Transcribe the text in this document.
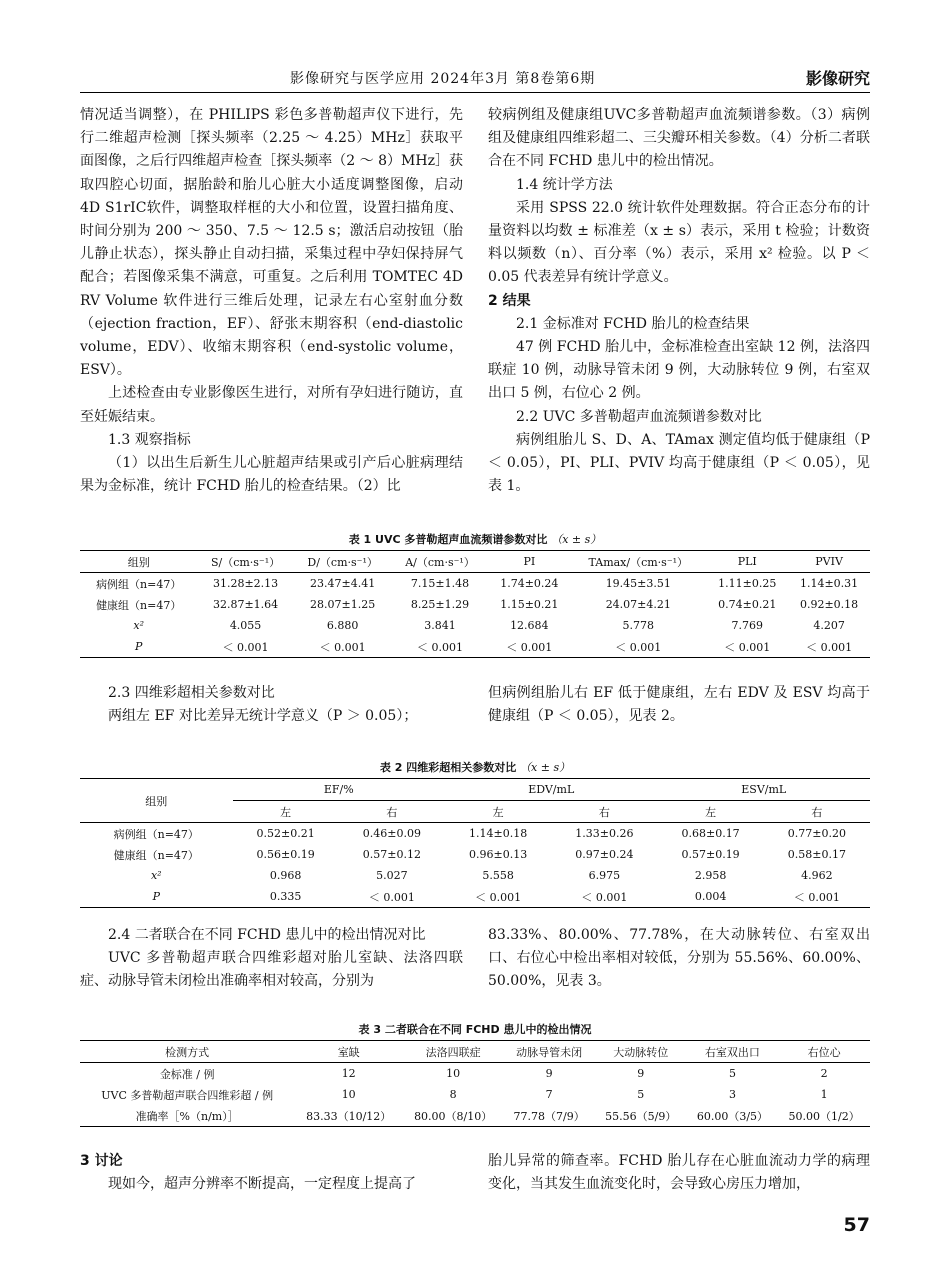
影像研究与医学应用 2024年3月 第8卷第6期	影像研究

情况适当调整），在 PHILIPS 彩色多普勒超声仪下进行，先行二维超声检测［探头频率（2.25 ～ 4.25）MHz］获取平面图像，之后行四维超声检查［探头频率（2 ～ 8）MHz］获取四腔心切面，据胎龄和胎儿心脏大小适度调整图像，启动4D S1rIC软件，调整取样框的大小和位置，设置扫描角度、时间分别为 200 ～ 350、7.5 ～ 12.5 s；激活启动按钮（胎儿静止状态），探头静止自动扫描，采集过程中孕妇保持屏气配合；若图像采集不满意，可重复。之后利用 TOMTEC 4D RV Volume 软件进行三维后处理，记录左右心室射血分数（ejection fraction，EF）、舒张末期容积（end-diastolic volume，EDV）、收缩末期容积（end-systolic volume，ESV）。

上述检查由专业影像医生进行，对所有孕妇进行随访，直至妊娠结束。

1.3 观察指标

（1）以出生后新生儿心脏超声结果或引产后心脏病理结果为金标准，统计 FCHD 胎儿的检查结果。（2）比

较病例组及健康组UVC多普勒超声血流频谱参数。（3）病例组及健康组四维彩超二、三尖瓣环相关参数。（4）分析二者联合在不同 FCHD 患儿中的检出情况。

1.4 统计学方法

采用 SPSS 22.0 统计软件处理数据。符合正态分布的计量资料以均数 ± 标准差（x ± s）表示，采用 t 检验；计数资料以频数（n）、百分率（%）表示，采用 x² 检验。以 P ＜ 0.05 代表差异有统计学意义。

2 结果

2.1 金标准对 FCHD 胎儿的检查结果

47 例 FCHD 胎儿中，金标准检查出室缺 12 例，法洛四联症 10 例，动脉导管未闭 9 例，大动脉转位 9 例，右室双出口 5 例，右位心 2 例。

2.2 UVC 多普勒超声血流频谱参数对比

病例组胎儿 S、D、A、TAmax 测定值均低于健康组（P ＜ 0.05），PI、PLI、PVIV 均高于健康组（P ＜ 0.05），见表 1。

表 1 UVC 多普勒超声血流频谱参数对比 （x ± s）
组别	S/（cm·s⁻¹）	D/（cm·s⁻¹）	A/（cm·s⁻¹）	PI	TAmax/（cm·s⁻¹）	PLI	PVIV
病例组（n=47）	31.28±2.13	23.47±4.41	7.15±1.48	1.74±0.24	19.45±3.51	1.11±0.25	1.14±0.31
健康组（n=47）	32.87±1.64	28.07±1.25	8.25±1.29	1.15±0.21	24.07±4.21	0.74±0.21	0.92±0.18
x²	4.055	6.880	3.841	12.684	5.778	7.769	4.207
P	＜ 0.001	＜ 0.001	＜ 0.001	＜ 0.001	＜ 0.001	＜ 0.001	＜ 0.001

2.3 四维彩超相关参数对比

两组左 EF 对比差异无统计学意义（P ＞ 0.05）；

但病例组胎儿右 EF 低于健康组，左右 EDV 及 ESV 均高于健康组（P ＜ 0.05），见表 2。

表 2 四维彩超相关参数对比 （x ± s）
组别	EF/%		EDV/mL		ESV/mL	
	左	右	左	右	左	右
病例组（n=47）	0.52±0.21	0.46±0.09	1.14±0.18	1.33±0.26	0.68±0.17	0.77±0.20
健康组（n=47）	0.56±0.19	0.57±0.12	0.96±0.13	0.97±0.24	0.57±0.19	0.58±0.17
x²	0.968	5.027	5.558	6.975	2.958	4.962
P	0.335	＜ 0.001	＜ 0.001	＜ 0.001	0.004	＜ 0.001

2.4 二者联合在不同 FCHD 患儿中的检出情况对比

UVC 多普勒超声联合四维彩超对胎儿室缺、法洛四联症、动脉导管未闭检出准确率相对较高，分别为

83.33%、80.00%、77.78%，在大动脉转位、右室双出口、右位心中检出率相对较低，分别为 55.56%、60.00%、50.00%，见表 3。

表 3 二者联合在不同 FCHD 患儿中的检出情况
检测方式	室缺	法洛四联症	动脉导管未闭	大动脉转位	右室双出口	右位心
金标准 / 例	12	10	9	9	5	2
UVC 多普勒超声联合四维彩超 / 例	10	8	7	5	3	1
准确率［%（n/m）］	83.33（10/12）	80.00（8/10）	77.78（7/9）	55.56（5/9）	60.00（3/5）	50.00（1/2）

3 讨论

现如今，超声分辨率不断提高，一定程度上提高了

胎儿异常的筛查率。FCHD 胎儿存在心脏血流动力学的病理变化，当其发生血流变化时，会导致心房压力增加，

57
